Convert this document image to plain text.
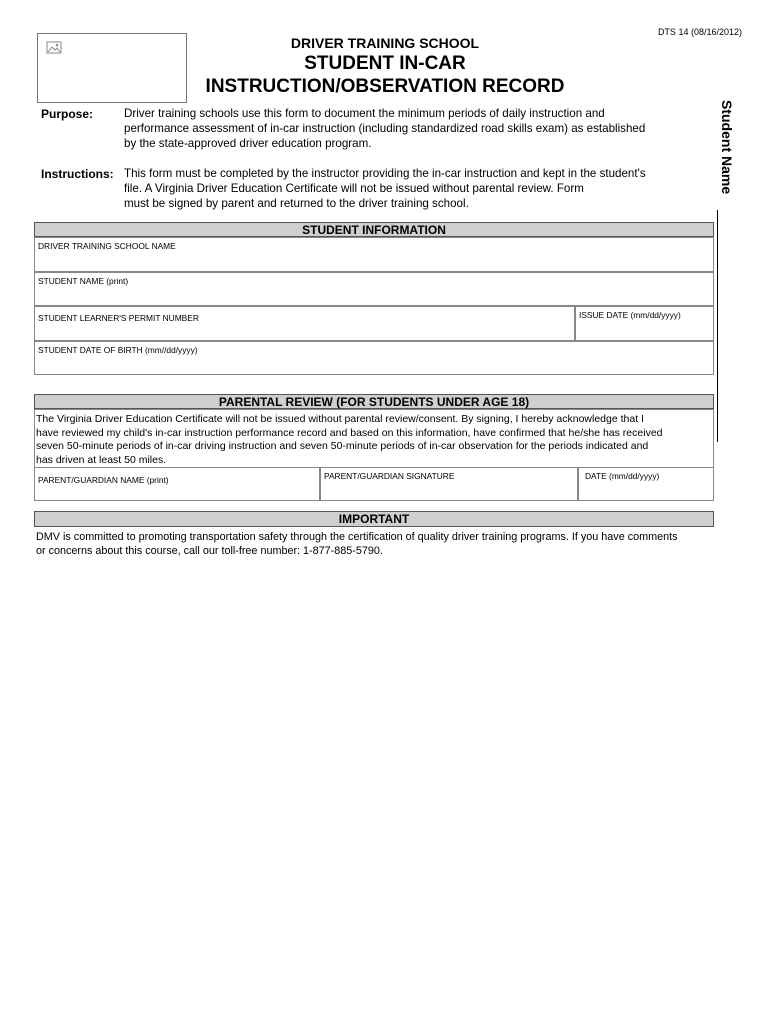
DTS 14 (08/16/2012)
DRIVER TRAINING SCHOOL
STUDENT IN-CAR
INSTRUCTION/OBSERVATION RECORD
Student Name
Purpose:	Driver training schools use this form to document the minimum periods of daily instruction and
performance assessment of in-car instruction (including standardized road skills exam) as established
by the state-approved driver education program.
Instructions: This form must be completed by the instructor providing the in-car instruction and kept in the student's
file. A Virginia Driver Education Certificate will not be issued without parental review. Form
must be signed by parent and returned to the driver training school.
STUDENT INFORMATION
DRIVER TRAINING SCHOOL NAME
STUDENT NAME (print)
STUDENT LEARNER'S PERMIT NUMBER	ISSUE DATE (mm/dd/yyyy)
STUDENT DATE OF BIRTH (mm//dd/yyyy)
PARENTAL REVIEW (FOR STUDENTS UNDER AGE 18)
The Virginia Driver Education Certificate will not be issued without parental review/consent. By signing, I hereby acknowledge that I
have reviewed my child's in-car instruction performance record and based on this information, have confirmed that he/she has received
seven 50-minute periods of in-car driving instruction and seven 50-minute periods of in-car observation for the periods indicated and
has driven at least 50 miles.
PARENT/GUARDIAN NAME (print)	PARENT/GUARDIAN SIGNATURE	DATE (mm/dd/yyyy)
IMPORTANT
DMV is committed to promoting transportation safety through the certification of quality driver training programs. If you have comments
or concerns about this course, call our toll-free number: 1-877-885-5790.
